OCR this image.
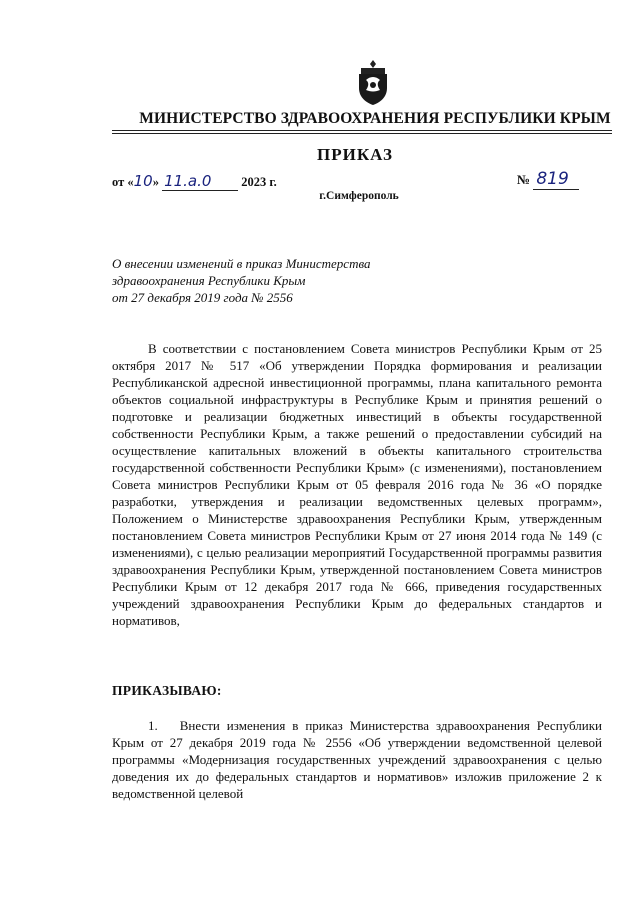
МИНИСТЕРСТВО ЗДРАВООХРАНЕНИЯ РЕСПУБЛИКИ КРЫМ
ПРИКАЗ
от «10» 11.а.0 2023 г.	№ 819
г.Симферополь
О внесении изменений в приказ Министерства
здравоохранения Республики Крым
от 27 декабря 2019 года № 2556
В соответствии с постановлением Совета министров Республики Крым от 25 октября 2017 № 517 «Об утверждении Порядка формирования и реализации Республиканской адресной инвестиционной программы, плана капитального ремонта объектов социальной инфраструктуры в Республике Крым и принятия решений о подготовке и реализации бюджетных инвестиций в объекты государственной собственности Республики Крым, а также решений о предоставлении субсидий на осуществление капитальных вложений в объекты капитального строительства государственной собственности Республики Крым» (с изменениями), постановлением Совета министров Республики Крым от 05 февраля 2016 года № 36 «О порядке разработки, утверждения и реализации ведомственных целевых программ», Положением о Министерстве здравоохранения Республики Крым, утвержденным постановлением Совета министров Республики Крым от 27 июня 2014 года № 149 (с изменениями), с целью реализации мероприятий Государственной программы развития здравоохранения Республики Крым, утвержденной постановлением Совета министров Республики Крым от 12 декабря 2017 года № 666, приведения государственных учреждений здравоохранения Республики Крым до федеральных стандартов и нормативов,
ПРИКАЗЫВАЮ:
1. Внести изменения в приказ Министерства здравоохранения Республики Крым от 27 декабря 2019 года № 2556 «Об утверждении ведомственной целевой программы «Модернизация государственных учреждений здравоохранения с целью доведения их до федеральных стандартов и нормативов» изложив приложение 2 к ведомственной целевой
